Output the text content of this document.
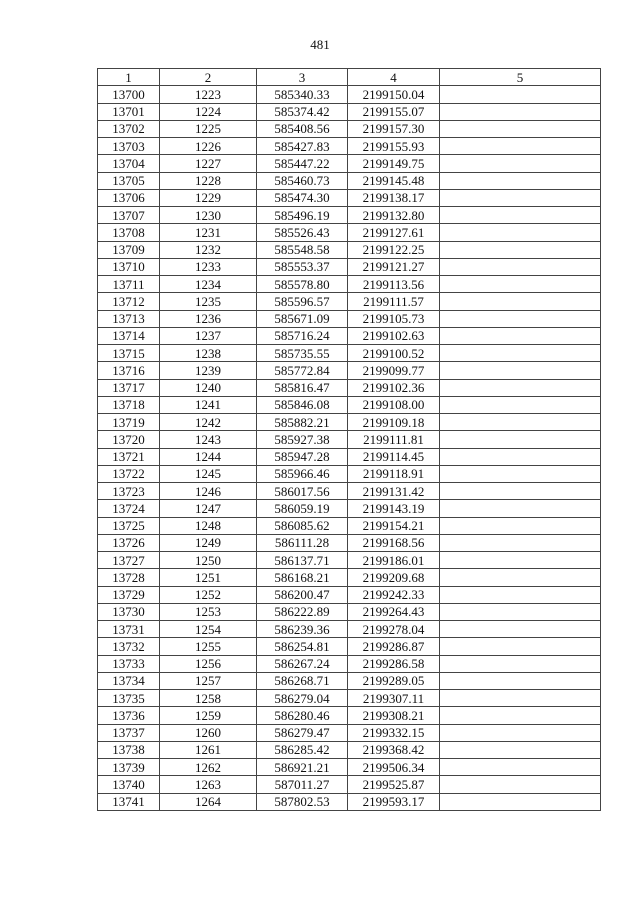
481
1	2	3	4	5
13700	1223	585340.33	2199150.04	
13701	1224	585374.42	2199155.07	
13702	1225	585408.56	2199157.30	
13703	1226	585427.83	2199155.93	
13704	1227	585447.22	2199149.75	
13705	1228	585460.73	2199145.48	
13706	1229	585474.30	2199138.17	
13707	1230	585496.19	2199132.80	
13708	1231	585526.43	2199127.61	
13709	1232	585548.58	2199122.25	
13710	1233	585553.37	2199121.27	
13711	1234	585578.80	2199113.56	
13712	1235	585596.57	2199111.57	
13713	1236	585671.09	2199105.73	
13714	1237	585716.24	2199102.63	
13715	1238	585735.55	2199100.52	
13716	1239	585772.84	2199099.77	
13717	1240	585816.47	2199102.36	
13718	1241	585846.08	2199108.00	
13719	1242	585882.21	2199109.18	
13720	1243	585927.38	2199111.81	
13721	1244	585947.28	2199114.45	
13722	1245	585966.46	2199118.91	
13723	1246	586017.56	2199131.42	
13724	1247	586059.19	2199143.19	
13725	1248	586085.62	2199154.21	
13726	1249	586111.28	2199168.56	
13727	1250	586137.71	2199186.01	
13728	1251	586168.21	2199209.68	
13729	1252	586200.47	2199242.33	
13730	1253	586222.89	2199264.43	
13731	1254	586239.36	2199278.04	
13732	1255	586254.81	2199286.87	
13733	1256	586267.24	2199286.58	
13734	1257	586268.71	2199289.05	
13735	1258	586279.04	2199307.11	
13736	1259	586280.46	2199308.21	
13737	1260	586279.47	2199332.15	
13738	1261	586285.42	2199368.42	
13739	1262	586921.21	2199506.34	
13740	1263	587011.27	2199525.87	
13741	1264	587802.53	2199593.17	
